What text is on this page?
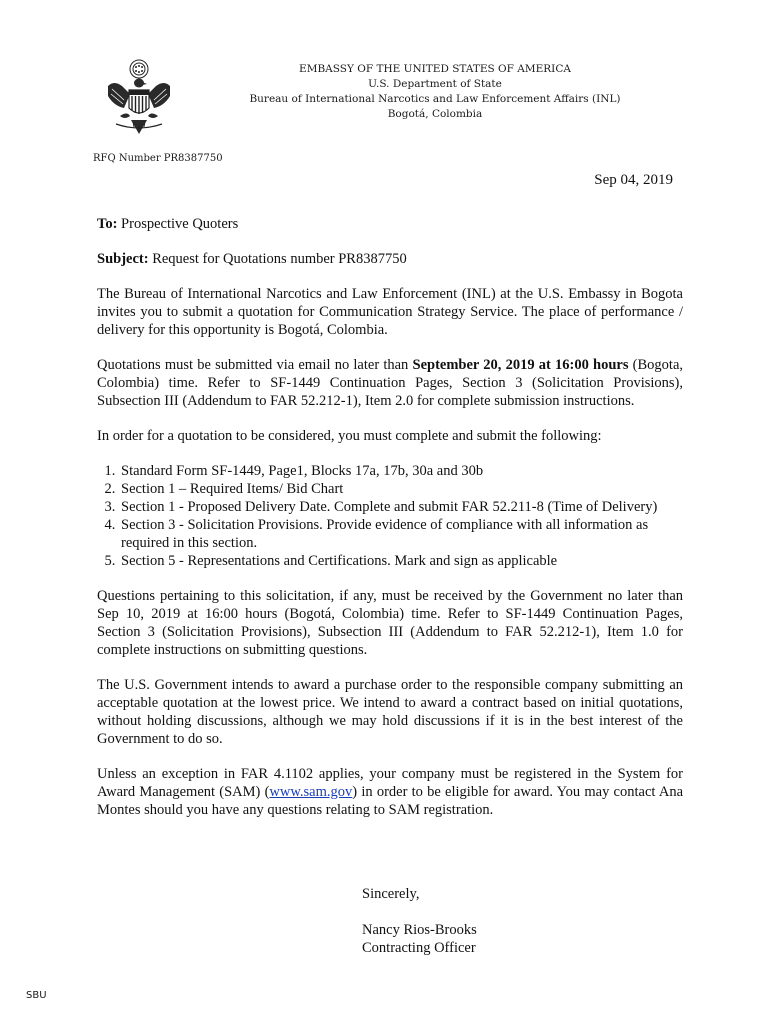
EMBASSY OF THE UNITED STATES OF AMERICA
U.S. Department of State
Bureau of International Narcotics and Law Enforcement Affairs (INL)
Bogotá, Colombia
RFQ Number PR8387750
Sep 04, 2019

To: Prospective Quoters

Subject: Request for Quotations number PR8387750

The Bureau of International Narcotics and Law Enforcement (INL) at the U.S. Embassy in Bogota invites you to submit a quotation for Communication Strategy Service. The place of performance / delivery for this opportunity is Bogotá, Colombia.

Quotations must be submitted via email no later than September 20, 2019 at 16:00 hours (Bogota, Colombia) time. Refer to SF-1449 Continuation Pages, Section 3 (Solicitation Provisions), Subsection III (Addendum to FAR 52.212-1), Item 2.0 for complete submission instructions.

In order for a quotation to be considered, you must complete and submit the following:

1. Standard Form SF-1449, Page1, Blocks 17a, 17b, 30a and 30b
2. Section 1 – Required Items/ Bid Chart
3. Section 1 - Proposed Delivery Date. Complete and submit FAR 52.211-8 (Time of Delivery)
4. Section 3 - Solicitation Provisions. Provide evidence of compliance with all information as required in this section.
5. Section 5 - Representations and Certifications. Mark and sign as applicable

Questions pertaining to this solicitation, if any, must be received by the Government no later than Sep 10, 2019 at 16:00 hours (Bogotá, Colombia) time. Refer to SF-1449 Continuation Pages, Section 3 (Solicitation Provisions), Subsection III (Addendum to FAR 52.212-1), Item 1.0 for complete instructions on submitting questions.

The U.S. Government intends to award a purchase order to the responsible company submitting an acceptable quotation at the lowest price. We intend to award a contract based on initial quotations, without holding discussions, although we may hold discussions if it is in the best interest of the Government to do so.

Unless an exception in FAR 4.1102 applies, your company must be registered in the System for Award Management (SAM) (www.sam.gov) in order to be eligible for award. You may contact Ana Montes should you have any questions relating to SAM registration.

Sincerely,
Nancy Rios-Brooks
Contracting Officer
SBU
